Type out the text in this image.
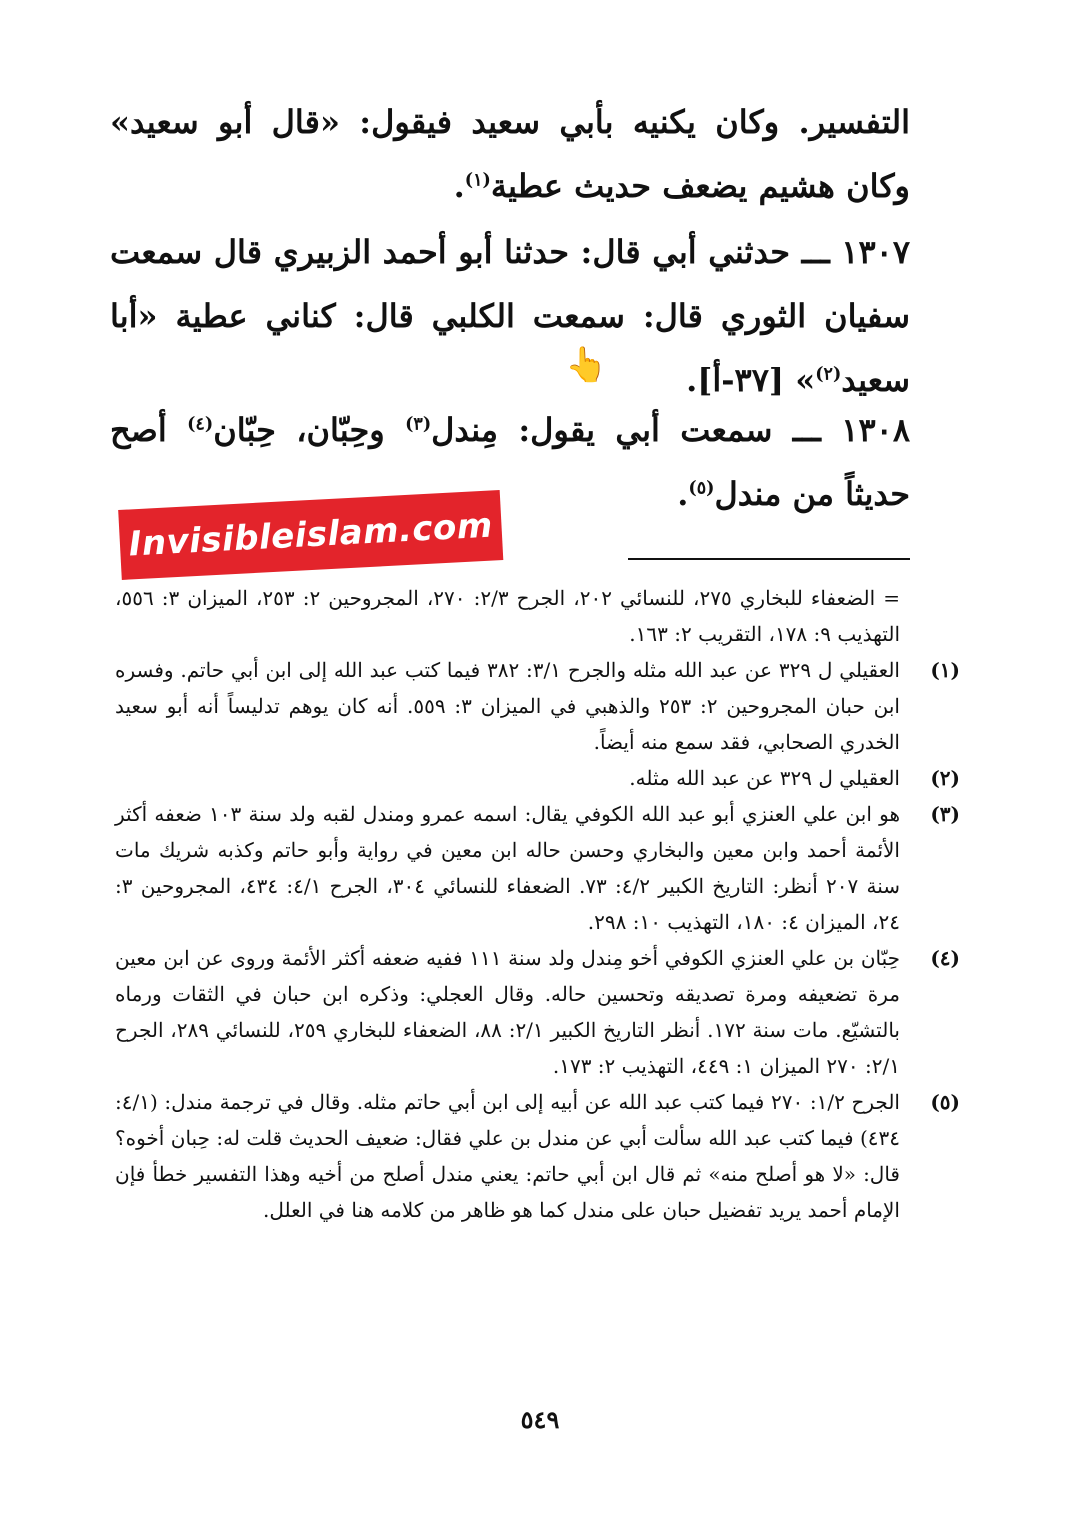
التفسير. وكان يكنيه بأبي سعيد فيقول: «قال أبو سعيد» وكان هشيم يضعف حديث عطية$^{(١)}$.

١٣٠٧ ـــ حدثني أبي قال: حدثنا أبو أحمد الزبيري قال سمعت سفيان الثوري قال: سمعت الكلبي قال: كناني عطية «أبا سعيد$^{(٢)}$» [٣٧-أ].

👆

١٣٠٨ ـــ سمعت أبي يقول: مِندل$^{(٣)}$ وحِبّان، حِبّان$^{(٤)}$ أصح حديثاً من مندل$^{(٥)}$.

Invisibleislam.com
= الضعفاء للبخاري ٢٧٥، للنسائي ٢٠٢، الجرح ٢/٣: ٢٧٠، المجروحين ٢: ٢٥٣، الميزان ٣: ٥٥٦، التهذيب ٩: ١٧٨، التقريب ٢: ١٦٣.
(١)
العقيلي ل ٣٢٩ عن عبد الله مثله والجرح ٣/١: ٣٨٢ فيما كتب عبد الله إلى ابن أبي حاتم. وفسره ابن حبان المجروحين ٢: ٢٥٣ والذهبي في الميزان ٣: ٥٥٩. أنه كان يوهم تدليساً أنه أبو سعيد الخدري الصحابي، فقد سمع منه أيضاً.
(٢)
العقيلي ل ٣٢٩ عن عبد الله مثله.
(٣)
هو ابن علي العنزي أبو عبد الله الكوفي يقال: اسمه عمرو ومندل لقبه ولد سنة ١٠٣ ضعفه أكثر الأئمة أحمد وابن معين والبخاري وحسن حاله ابن معين في رواية وأبو حاتم وكذبه شريك مات سنة ٢٠٧ أنظر: التاريخ الكبير ٤/٢: ٧٣. الضعفاء للنسائي ٣٠٤، الجرح ٤/١: ٤٣٤، المجروحين ٣: ٢٤، الميزان ٤: ١٨٠، التهذيب ١٠: ٢٩٨.
(٤)
حِبّان بن علي العنزي الكوفي أخو مِندل ولد سنة ١١١ ففيه ضعفه أكثر الأئمة وروى عن ابن معين مرة تضعيفه ومرة تصديقه وتحسين حاله. وقال العجلي: وذكره ابن حبان في الثقات ورماه بالتشيّع. مات سنة ١٧٢. أنظر التاريخ الكبير ٢/١: ٨٨، الضعفاء للبخاري ٢٥٩، للنسائي ٢٨٩، الجرح ٢/١: ٢٧٠ الميزان ١: ٤٤٩، التهذيب ٢: ١٧٣.
(٥)
الجرح ١/٢: ٢٧٠ فيما كتب عبد الله عن أبيه إلى ابن أبي حاتم مثله. وقال في ترجمة مندل: (٤/١: ٤٣٤) فيما كتب عبد الله سألت أبي عن مندل بن علي فقال: ضعيف الحديث قلت له: حِبان أخوه؟ قال: «لا هو أصلح منه» ثم قال ابن أبي حاتم: يعني مندل أصلح من أخيه وهذا التفسير خطأ فإن الإمام أحمد يريد تفضيل حبان على مندل كما هو ظاهر من كلامه هنا في العلل.
٥٤٩
